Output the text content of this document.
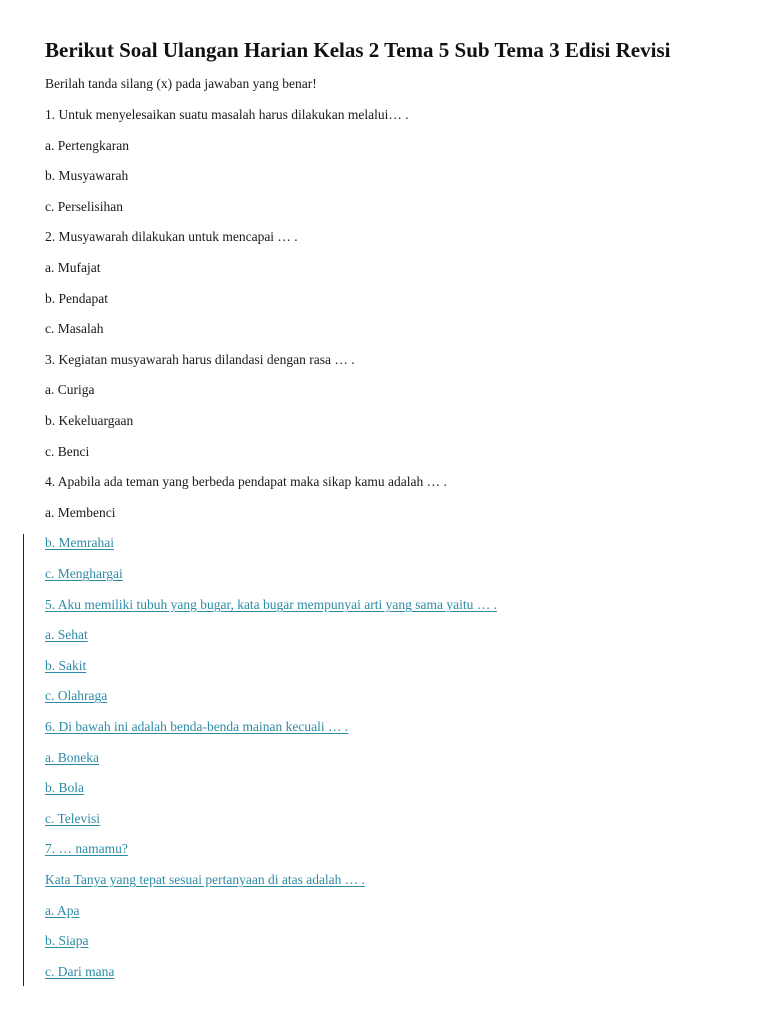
Berikut Soal Ulangan Harian Kelas 2 Tema 5 Sub Tema 3 Edisi Revisi

Berilah tanda silang (x) pada jawaban yang benar!

1. Untuk menyelesaikan suatu masalah harus dilakukan melalui… .

a. Pertengkaran

b. Musyawarah

c. Perselisihan

2. Musyawarah dilakukan untuk mencapai … .

a. Mufajat

b. Pendapat

c. Masalah

3. Kegiatan musyawarah harus dilandasi dengan rasa … .

a. Curiga

b. Kekeluargaan

c. Benci

4. Apabila ada teman yang berbeda pendapat maka sikap kamu adalah … .

a. Membenci

b. Memrahai

c. Menghargai

5. Aku memiliki tubuh yang bugar, kata bugar mempunyai arti yang sama yaitu … .

a. Sehat

b. Sakit

c. Olahraga

6. Di bawah ini adalah benda-benda mainan kecuali … .

a. Boneka

b. Bola

c. Televisi

7. … namamu?

Kata Tanya yang tepat sesuai pertanyaan di atas adalah … .

a. Apa

b. Siapa

c. Dari mana
